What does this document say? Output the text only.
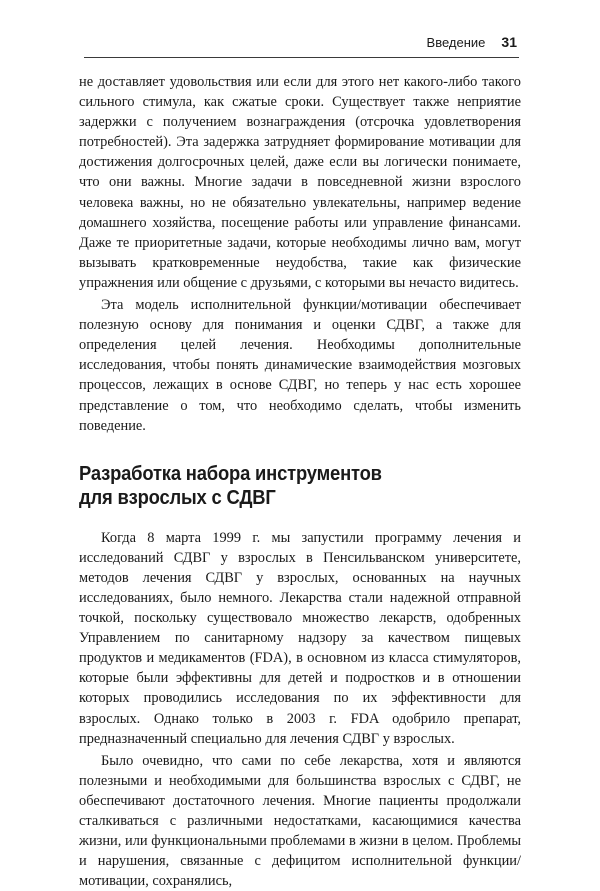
Введение 31

не доставляет удовольствия или если для этого нет какого-либо такого сильного стимула, как сжатые сроки. Существует также неприятие задержки с получением вознаграждения (отсрочка удовлетворения потребностей). Эта задержка затрудняет формирование мотивации для достижения долгосрочных целей, даже если вы логически понимаете, что они важны. Многие задачи в повседневной жизни взрослого человека важны, но не обязательно увлекательны, например ведение домашнего хозяйства, посещение работы или управление финансами. Даже те приоритетные задачи, которые необходимы лично вам, могут вызывать кратковременные неудобства, такие как физические упражнения или общение с друзьями, с которыми вы нечасто видитесь.

Эта модель исполнительной функции/мотивации обеспечивает полезную основу для понимания и оценки СДВГ, а также для определения целей лечения. Необходимы дополнительные исследования, чтобы понять динамические взаимодействия мозговых процессов, лежащих в основе СДВГ, но теперь у нас есть хорошее представление о том, что необходимо сделать, чтобы изменить поведение.

Разработка набора инструментов
для взрослых с СДВГ

Когда 8 марта 1999 г. мы запустили программу лечения и исследований СДВГ у взрослых в Пенсильванском университете, методов лечения СДВГ у взрослых, основанных на научных исследованиях, было немного. Лекарства стали надежной отправной точкой, поскольку существовало множество лекарств, одобренных Управлением по санитарному надзору за качеством пищевых продуктов и медикаментов (FDA), в основном из класса стимуляторов, которые были эффективны для детей и подростков и в отношении которых проводились исследования по их эффективности для взрослых. Однако только в 2003 г. FDA одобрило препарат, предназначенный специально для лечения СДВГ у взрослых.

Было очевидно, что сами по себе лекарства, хотя и являются полезными и необходимыми для большинства взрослых с СДВГ, не обеспечивают достаточного лечения. Многие пациенты продолжали сталкиваться с различными недостатками, касающимися качества жизни, или функциональными проблемами в жизни в целом. Проблемы и нарушения, связанные с дефицитом исполнительной функции/мотивации, сохранялись,
